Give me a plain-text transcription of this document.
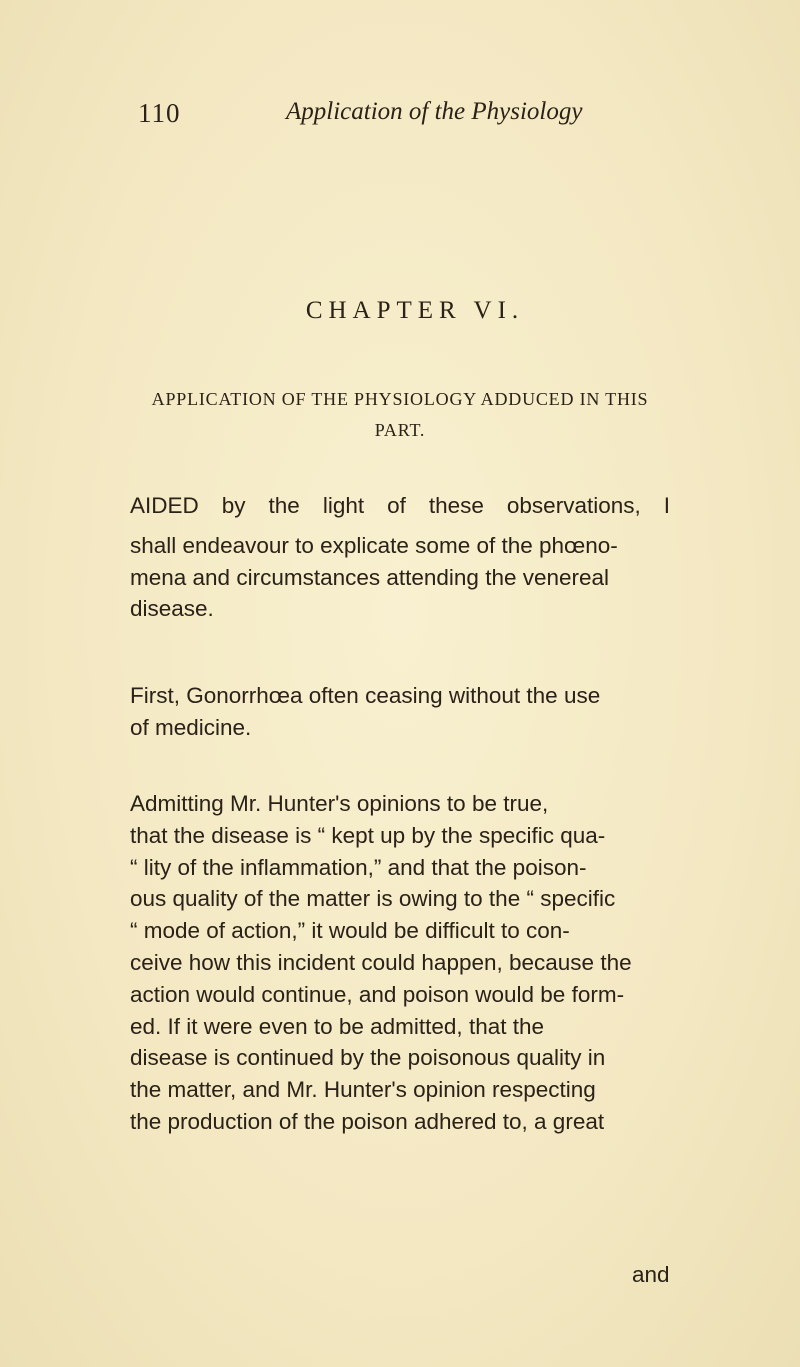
110	Application of the Physiology
CHAPTER VI.
APPLICATION OF THE PHYSIOLOGY ADDUCED IN THIS
PART.
AIDED by the light of these observations, I
shall endeavour to explicate some of the phœno-
mena and circumstances attending the venereal
disease.
First, Gonorrhœa often ceasing without the use
of medicine.
Admitting Mr. Hunter's opinions to be true,
that the disease is “ kept up by the specific qua-
“ lity of the inflammation,” and that the poison-
ous quality of the matter is owing to the “ specific
“ mode of action,” it would be difficult to con-
ceive how this incident could happen, because the
action would continue, and poison would be form-
ed. If it were even to be admitted, that the
disease is continued by the poisonous quality in
the matter, and Mr. Hunter's opinion respecting
the production of the poison adhered to, a great
and
